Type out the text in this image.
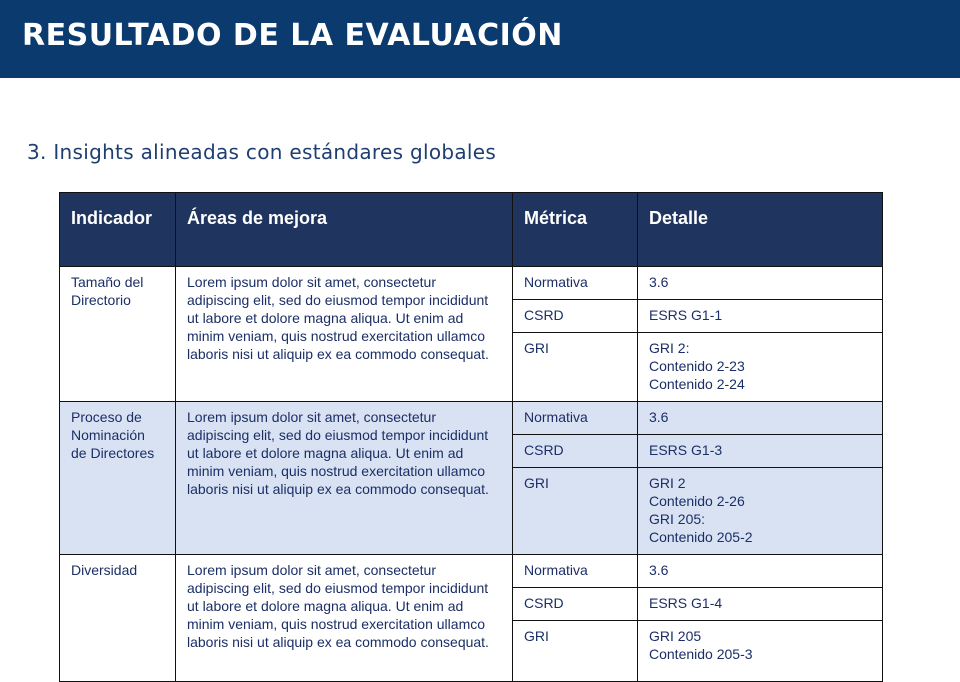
RESULTADO DE LA EVALUACIÓN
3. Insights alineadas con estándares globales
Indicador	Áreas de mejora	Métrica	Detalle
Tamaño del Directorio	Lorem ipsum dolor sit amet, consectetur adipiscing elit, sed do eiusmod tempor incididunt ut labore et dolore magna aliqua. Ut enim ad minim veniam, quis nostrud exercitation ullamco laboris nisi ut aliquip ex ea commodo consequat.	Normativa	3.6
		CSRD	ESRS G1-1
		GRI	GRI 2:
Contenido 2-23
Contenido 2-24
Proceso de Nominación de Directores	Lorem ipsum dolor sit amet, consectetur adipiscing elit, sed do eiusmod tempor incididunt ut labore et dolore magna aliqua. Ut enim ad minim veniam, quis nostrud exercitation ullamco laboris nisi ut aliquip ex ea commodo consequat.	Normativa	3.6
		CSRD	ESRS G1-3
		GRI	GRI 2
Contenido 2-26
GRI 205:
Contenido 205-2
Diversidad	Lorem ipsum dolor sit amet, consectetur adipiscing elit, sed do eiusmod tempor incididunt ut labore et dolore magna aliqua. Ut enim ad minim veniam, quis nostrud exercitation ullamco laboris nisi ut aliquip ex ea commodo consequat.	Normativa	3.6
		CSRD	ESRS G1-4
		GRI	GRI 205
Contenido 205-3
